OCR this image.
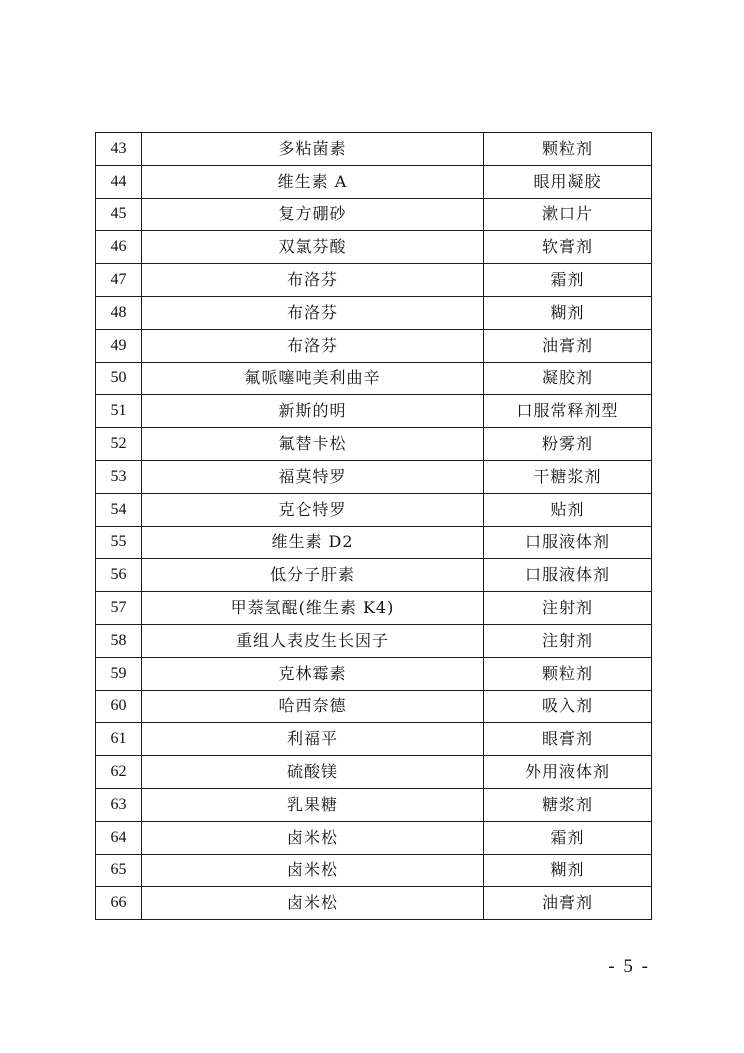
43	多粘菌素	颗粒剂
44	维生素 A	眼用凝胶
45	复方硼砂	漱口片
46	双氯芬酸	软膏剂
47	布洛芬	霜剂
48	布洛芬	糊剂
49	布洛芬	油膏剂
50	氟哌噻吨美利曲辛	凝胶剂
51	新斯的明	口服常释剂型
52	氟替卡松	粉雾剂
53	福莫特罗	干糖浆剂
54	克仑特罗	贴剂
55	维生素 D2	口服液体剂
56	低分子肝素	口服液体剂
57	甲萘氢醌(维生素 K4)	注射剂
58	重组人表皮生长因子	注射剂
59	克林霉素	颗粒剂
60	哈西奈德	吸入剂
61	利福平	眼膏剂
62	硫酸镁	外用液体剂
63	乳果糖	糖浆剂
64	卤米松	霜剂
65	卤米松	糊剂
66	卤米松	油膏剂
- 5 -
